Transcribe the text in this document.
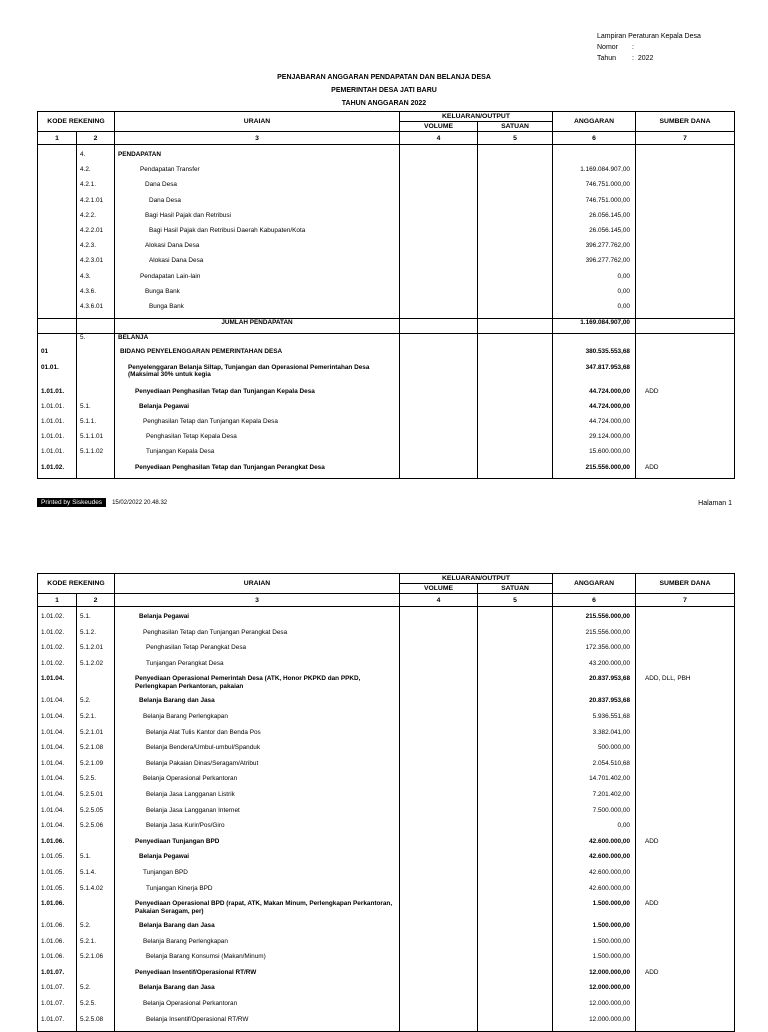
Lampiran Peraturan Kepala Desa
Nomor :
Tahun : 2022
PENJABARAN ANGGARAN PENDAPATAN DAN BELANJA DESA
PEMERINTAH DESA JATI BARU
TAHUN ANGGARAN 2022
KODE REKENING		URAIAN	KELUARAN/OUTPUT		ANGGARAN	SUMBER DANA
			VOLUME	SATUAN		
1	2	3	4	5	6	7

	4.	PENDAPATAN				
	4.2.	Pendapatan Transfer			1.169.084.907,00	
	4.2.1.	Dana Desa			746.751.000,00	
	4.2.1.01	Dana Desa			746.751.000,00	
	4.2.2.	Bagi Hasil Pajak dan Retribusi			26.056.145,00	
	4.2.2.01	Bagi Hasil Pajak dan Retribusi Daerah Kabupaten/Kota			26.056.145,00	
	4.2.3.	Alokasi Dana Desa			396.277.762,00	
	4.2.3.01	Alokasi Dana Desa			396.277.762,00	
	4.3.	Pendapatan Lain-lain			0,00	
	4.3.6.	Bunga Bank			0,00	
	4.3.6.01	Bunga Bank			0,00	
		JUMLAH PENDAPATAN			1.169.084.907,00	
	5.	BELANJA				
01		BIDANG PENYELENGGARAN PEMERINTAHAN DESA			380.535.553,68	
01.01.		Penyelenggaran Belanja Siltap, Tunjangan dan Operasional Pemerintahan Desa (Maksimal 30% untuk kegia			347.817.953,68	
1.01.01.		Penyediaan Penghasilan Tetap dan Tunjangan Kepala Desa			44.724.000,00	ADD
1.01.01.	5.1.	Belanja Pegawai			44.724.000,00	
1.01.01.	5.1.1.	Penghasilan Tetap dan Tunjangan Kepala Desa			44.724.000,00	
1.01.01.	5.1.1.01	Penghasilan Tetap Kepala Desa			29.124.000,00	
1.01.01.	5.1.1.02	Tunjangan Kepala Desa			15.600.000,00	
1.01.02.		Penyediaan Penghasilan Tetap dan Tunjangan Perangkat Desa			215.556.000,00	ADD
Printed by Siskeudes	15/02/2022 20.48.32	Halaman 1
KODE REKENING		URAIAN	KELUARAN/OUTPUT		ANGGARAN	SUMBER DANA
			VOLUME	SATUAN		
1	2	3	4	5	6	7

1.01.02.	5.1.	Belanja Pegawai			215.556.000,00	
1.01.02.	5.1.2.	Penghasilan Tetap dan Tunjangan Perangkat Desa			215.556.000,00	
1.01.02.	5.1.2.01	Penghasilan Tetap Perangkat Desa			172.356.000,00	
1.01.02.	5.1.2.02	Tunjangan Perangkat Desa			43.200.000,00	
1.01.04.		Penyediaan Operasional Pemerintah Desa (ATK, Honor PKPKD dan PPKD, Perlengkapan Perkantoran, pakaian			20.837.953,68	ADD, DLL, PBH
1.01.04.	5.2.	Belanja Barang dan Jasa			20.837.953,68	
1.01.04.	5.2.1.	Belanja Barang Perlengkapan			5.936.551,68	
1.01.04.	5.2.1.01	Belanja Alat Tulis Kantor dan Benda Pos			3.382.041,00	
1.01.04.	5.2.1.08	Belanja Bendera/Umbul-umbul/Spanduk			500.000,00	
1.01.04.	5.2.1.09	Belanja Pakaian Dinas/Seragam/Atribut			2.054.510,68	
1.01.04.	5.2.5.	Belanja Operasional Perkantoran			14.701.402,00	
1.01.04.	5.2.5.01	Belanja Jasa Langganan Listrik			7.201.402,00	
1.01.04.	5.2.5.05	Belanja Jasa Langganan Internet			7.500.000,00	
1.01.04.	5.2.5.06	Belanja Jasa Kurir/Pos/Giro			0,00	
1.01.06.		Penyediaan Tunjangan BPD			42.600.000,00	ADD
1.01.05.	5.1.	Belanja Pegawai			42.600.000,00	
1.01.05.	5.1.4.	Tunjangan BPD			42.600.000,00	
1.01.05.	5.1.4.02	Tunjangan Kinerja BPD			42.600.000,00	
1.01.06.		Penyediaan Operasional BPD (rapat, ATK, Makan Minum, Perlengkapan Perkantoran, Pakaian Seragam, per)			1.500.000,00	ADD
1.01.06.	5.2.	Belanja Barang dan Jasa			1.500.000,00	
1.01.06.	5.2.1.	Belanja Barang Perlengkapan			1.500.000,00	
1.01.06.	5.2.1.06	Belanja Barang Konsumsi (Makan/Minum)			1.500.000,00	
1.01.07.		Penyediaan Insentif/Operasional RT/RW			12.000.000,00	ADD
1.01.07.	5.2.	Belanja Barang dan Jasa			12.000.000,00	
1.01.07.	5.2.5.	Belanja Operasional Perkantoran			12.000.000,00	
1.01.07.	5.2.5.08	Belanja Insentif/Operasional RT/RW			12.000.000,00	
